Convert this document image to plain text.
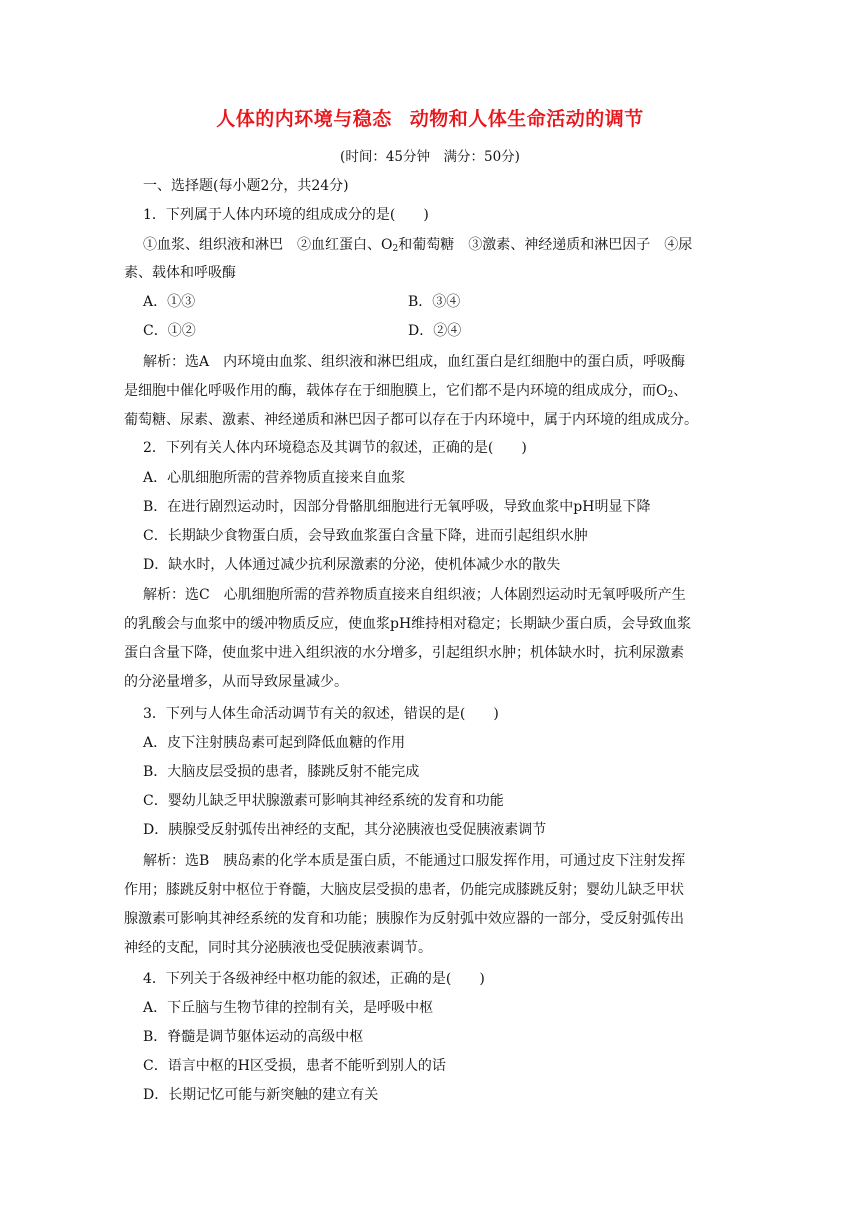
人体的内环境与稳态 动物和人体生命活动的调节
(时间：45分钟　满分：50分)
一、选择题(每小题2分，共24分)
1．下列属于人体内环境的组成成分的是(　　)
①血浆、组织液和淋巴　②血红蛋白、$O_2$和葡萄糖　③激素、神经递质和淋巴因子　④尿
素、载体和呼吸酶
A．①③	B．③④
C．①②	D．②④
解析：选A　内环境由血浆、组织液和淋巴组成，血红蛋白是红细胞中的蛋白质，呼吸酶
是细胞中催化呼吸作用的酶，载体存在于细胞膜上，它们都不是内环境的组成成分，而$O_2$、
葡萄糖、尿素、激素、神经递质和淋巴因子都可以存在于内环境中，属于内环境的组成成分。
2．下列有关人体内环境稳态及其调节的叙述，正确的是(　　)
A．心肌细胞所需的营养物质直接来自血浆
B．在进行剧烈运动时，因部分骨骼肌细胞进行无氧呼吸，导致血浆中pH明显下降
C．长期缺少食物蛋白质，会导致血浆蛋白含量下降，进而引起组织水肿
D．缺水时，人体通过减少抗利尿激素的分泌，使机体减少水的散失
解析：选C　心肌细胞所需的营养物质直接来自组织液；人体剧烈运动时无氧呼吸所产生
的乳酸会与血浆中的缓冲物质反应，使血浆pH维持相对稳定；长期缺少蛋白质，会导致血浆
蛋白含量下降，使血浆中进入组织液的水分增多，引起组织水肿；机体缺水时，抗利尿激素
的分泌量增多，从而导致尿量减少。
3．下列与人体生命活动调节有关的叙述，错误的是(　　)
A．皮下注射胰岛素可起到降低血糖的作用
B．大脑皮层受损的患者，膝跳反射不能完成
C．婴幼儿缺乏甲状腺激素可影响其神经系统的发育和功能
D．胰腺受反射弧传出神经的支配，其分泌胰液也受促胰液素调节
解析：选B　胰岛素的化学本质是蛋白质，不能通过口服发挥作用，可通过皮下注射发挥
作用；膝跳反射中枢位于脊髓，大脑皮层受损的患者，仍能完成膝跳反射；婴幼儿缺乏甲状
腺激素可影响其神经系统的发育和功能；胰腺作为反射弧中效应器的一部分，受反射弧传出
神经的支配，同时其分泌胰液也受促胰液素调节。
4．下列关于各级神经中枢功能的叙述，正确的是(　　)
A．下丘脑与生物节律的控制有关，是呼吸中枢
B．脊髓是调节躯体运动的高级中枢
C．语言中枢的H区受损，患者不能听到别人的话
D．长期记忆可能与新突触的建立有关
